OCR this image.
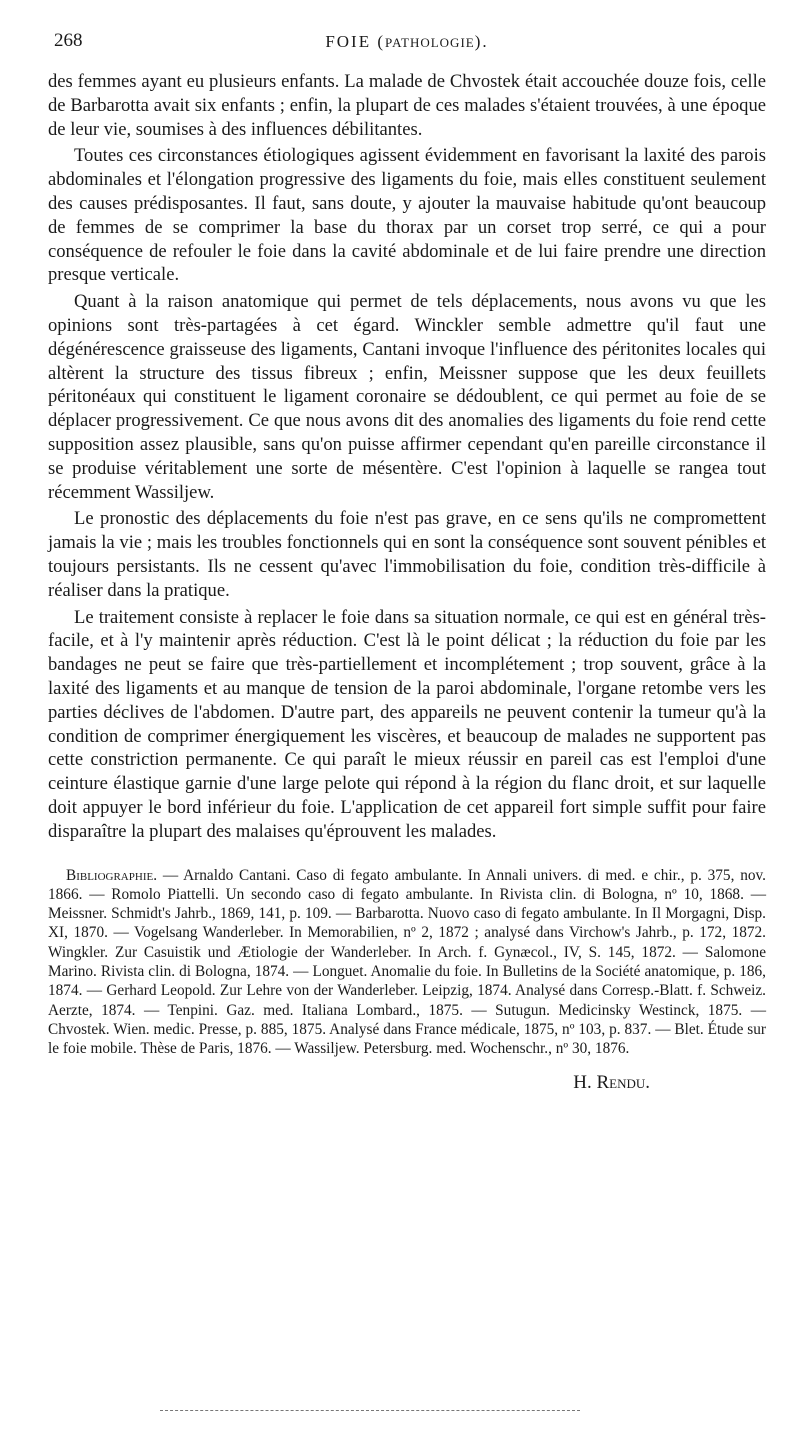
268	FOIE (PATHOLOGIE).

des femmes ayant eu plusieurs enfants. La malade de Chvostek était accouchée douze fois, celle de Barbarotta avait six enfants ; enfin, la plupart de ces malades s'étaient trouvées, à une époque de leur vie, soumises à des influences débilitantes.

Toutes ces circonstances étiologiques agissent évidemment en favorisant la laxité des parois abdominales et l'élongation progressive des ligaments du foie, mais elles constituent seulement des causes prédisposantes. Il faut, sans doute, y ajouter la mauvaise habitude qu'ont beaucoup de femmes de se comprimer la base du thorax par un corset trop serré, ce qui a pour conséquence de refouler le foie dans la cavité abdominale et de lui faire prendre une direction presque verticale.

Quant à la raison anatomique qui permet de tels déplacements, nous avons vu que les opinions sont très-partagées à cet égard. Winckler semble admettre qu'il faut une dégénérescence graisseuse des ligaments, Cantani invoque l'influence des péritonites locales qui altèrent la structure des tissus fibreux ; enfin, Meissner suppose que les deux feuillets péritonéaux qui constituent le ligament coronaire se dédoublent, ce qui permet au foie de se déplacer progressivement. Ce que nous avons dit des anomalies des ligaments du foie rend cette supposition assez plausible, sans qu'on puisse affirmer cependant qu'en pareille circonstance il se produise véritablement une sorte de mésentère. C'est l'opinion à laquelle se rangea tout récemment Wassiljew.

Le pronostic des déplacements du foie n'est pas grave, en ce sens qu'ils ne compromettent jamais la vie ; mais les troubles fonctionnels qui en sont la conséquence sont souvent pénibles et toujours persistants. Ils ne cessent qu'avec l'immobilisation du foie, condition très-difficile à réaliser dans la pratique.

Le traitement consiste à replacer le foie dans sa situation normale, ce qui est en général très-facile, et à l'y maintenir après réduction. C'est là le point délicat ; la réduction du foie par les bandages ne peut se faire que très-partiellement et incomplétement ; trop souvent, grâce à la laxité des ligaments et au manque de tension de la paroi abdominale, l'organe retombe vers les parties déclives de l'abdomen. D'autre part, des appareils ne peuvent contenir la tumeur qu'à la condition de comprimer énergiquement les viscères, et beaucoup de malades ne supportent pas cette constriction permanente. Ce qui paraît le mieux réussir en pareil cas est l'emploi d'une ceinture élastique garnie d'une large pelote qui répond à la région du flanc droit, et sur laquelle doit appuyer le bord inférieur du foie. L'application de cet appareil fort simple suffit pour faire disparaître la plupart des malaises qu'éprouvent les malades.

Bibliographie. — Arnaldo Cantani. Caso di fegato ambulante. In Annali univers. di med. e chir., p. 375, nov. 1866. — Romolo Piattelli. Un secondo caso di fegato ambulante. In Rivista clin. di Bologna, nº 10, 1868. — Meissner. Schmidt's Jahrb., 1869, 141, p. 109. — Barbarotta. Nuovo caso di fegato ambulante. In Il Morgagni, Disp. XI, 1870. — Vogelsang Wanderleber. In Memorabilien, nº 2, 1872 ; analysé dans Virchow's Jahrb., p. 172, 1872. Wingkler. Zur Casuistik und Ætiologie der Wanderleber. In Arch. f. Gynæcol., IV, S. 145, 1872. — Salomone Marino. Rivista clin. di Bologna, 1874. — Longuet. Anomalie du foie. In Bulletins de la Société anatomique, p. 186, 1874. — Gerhard Leopold. Zur Lehre von der Wanderleber. Leipzig, 1874. Analysé dans Corresp.-Blatt. f. Schweiz. Aerzte, 1874. — Tenpini. Gaz. med. Italiana Lombard., 1875. — Sutugun. Medicinsky Westinck, 1875. — Chvostek. Wien. medic. Presse, p. 885, 1875. Analysé dans France médicale, 1875, nº 103, p. 837. — Blet. Étude sur le foie mobile. Thèse de Paris, 1876. — Wassiljew. Petersburg. med. Wochenschr., nº 30, 1876.
H. Rendu.
